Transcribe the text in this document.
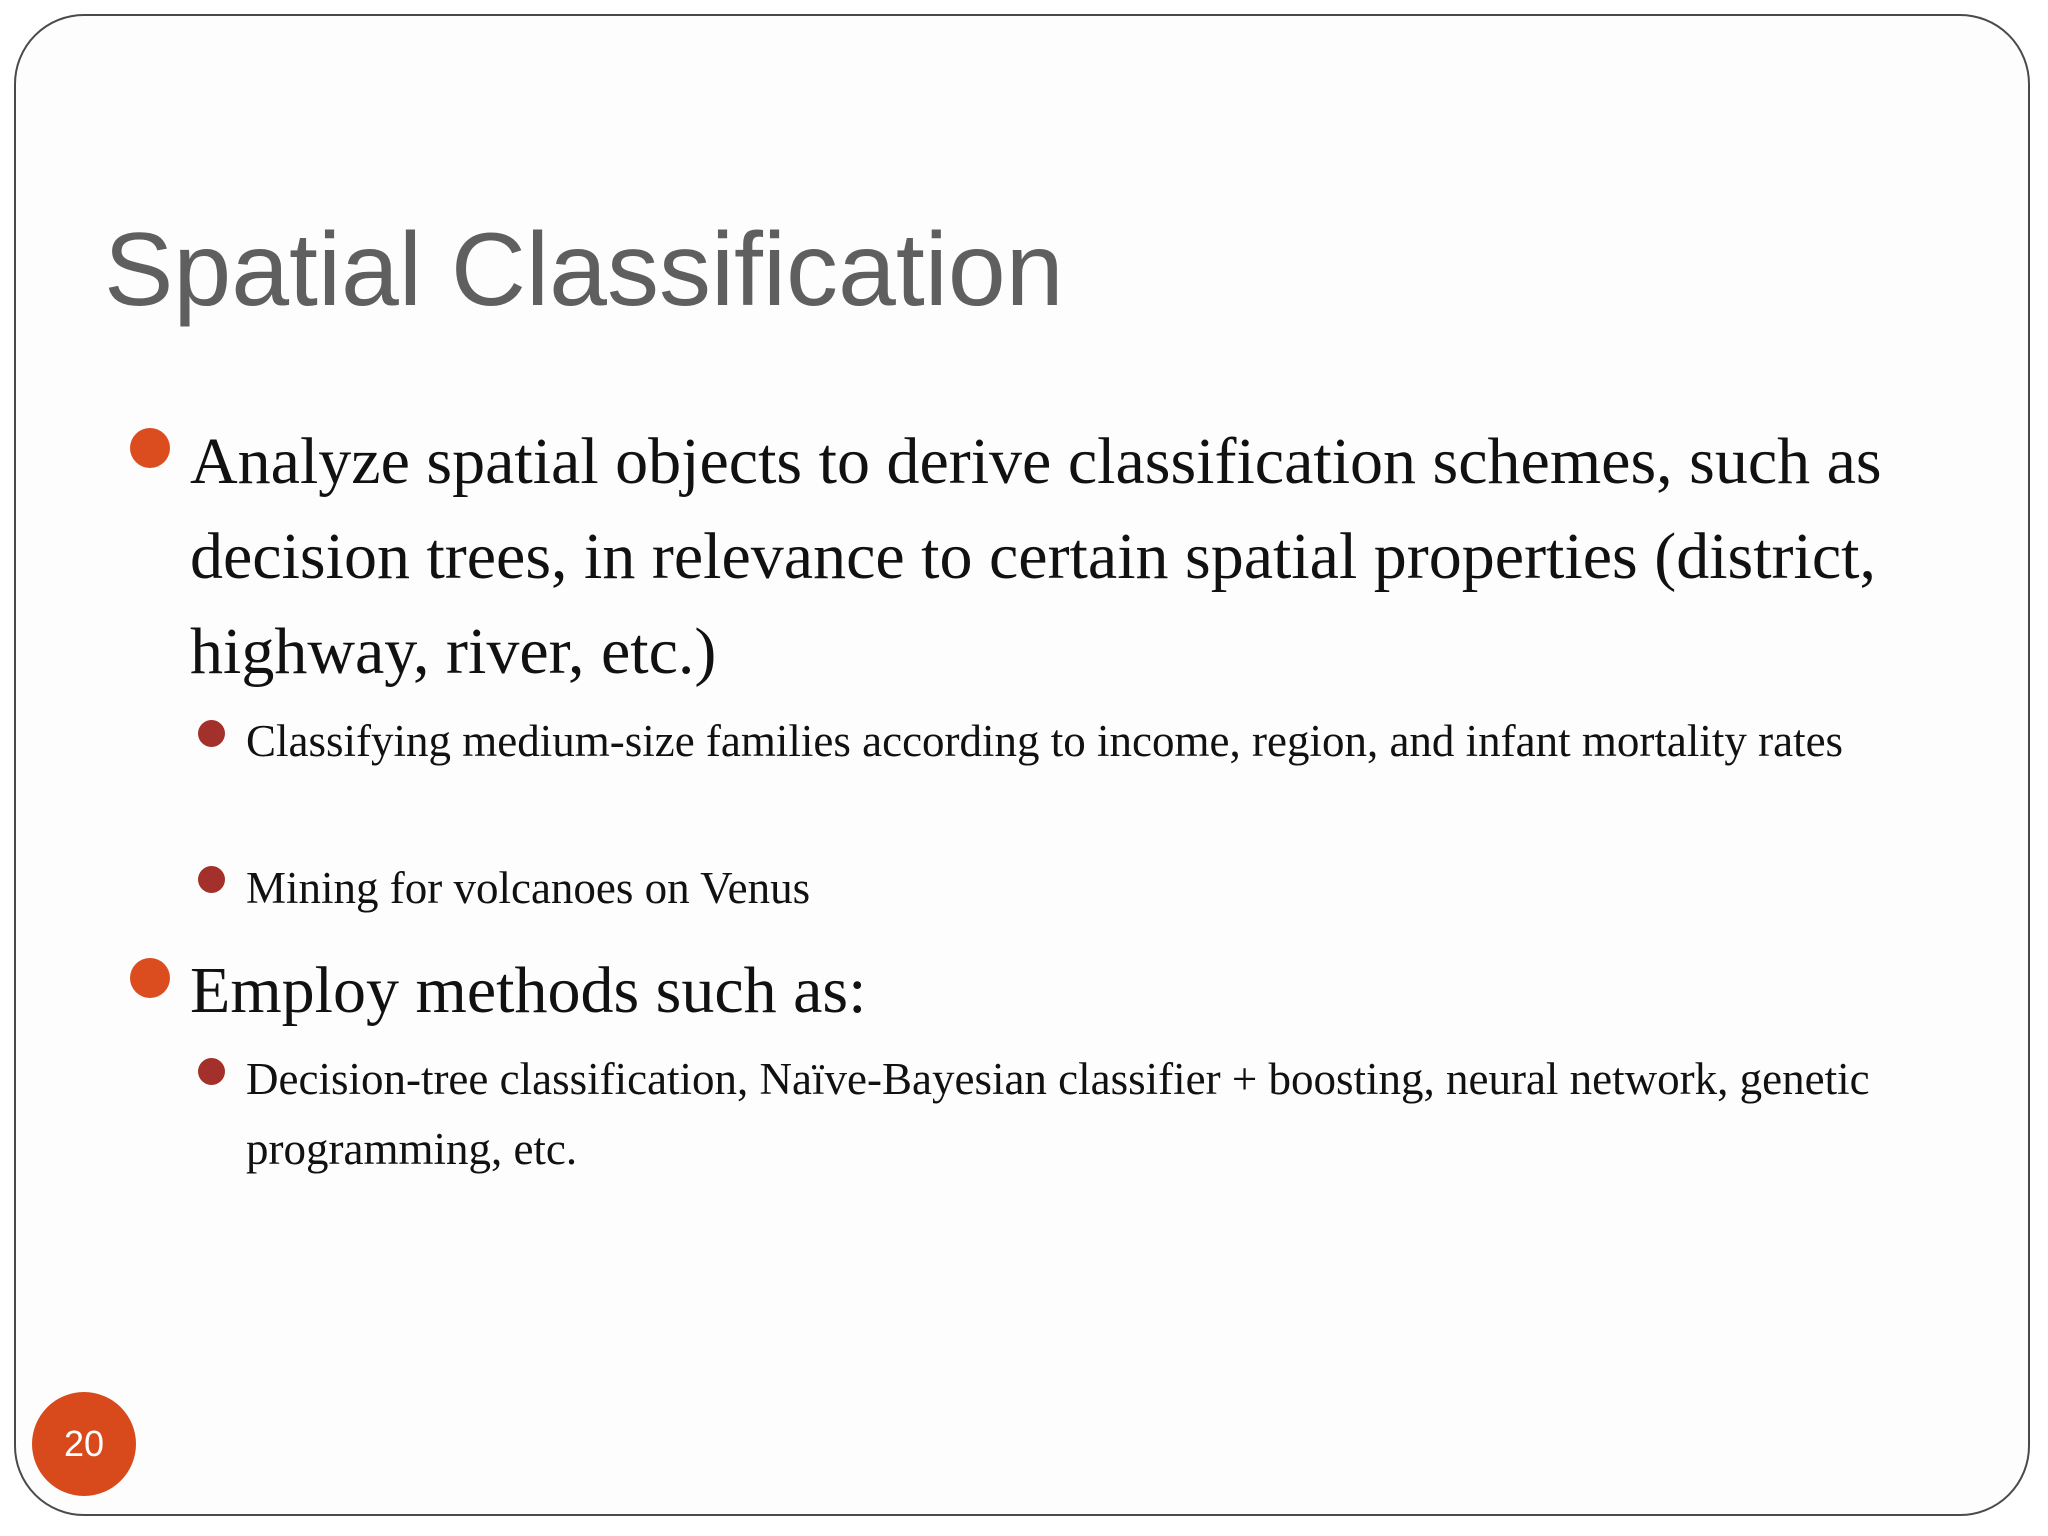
Spatial Classification
Analyze spatial objects to derive classification schemes, such as decision trees, in relevance to certain spatial properties (district, highway, river, etc.)
Classifying medium-size families according to income, region, and infant mortality rates
Mining for volcanoes on Venus
Employ methods such as:
Decision-tree classification, Naïve-Bayesian classifier + boosting, neural network, genetic programming, etc.
20
